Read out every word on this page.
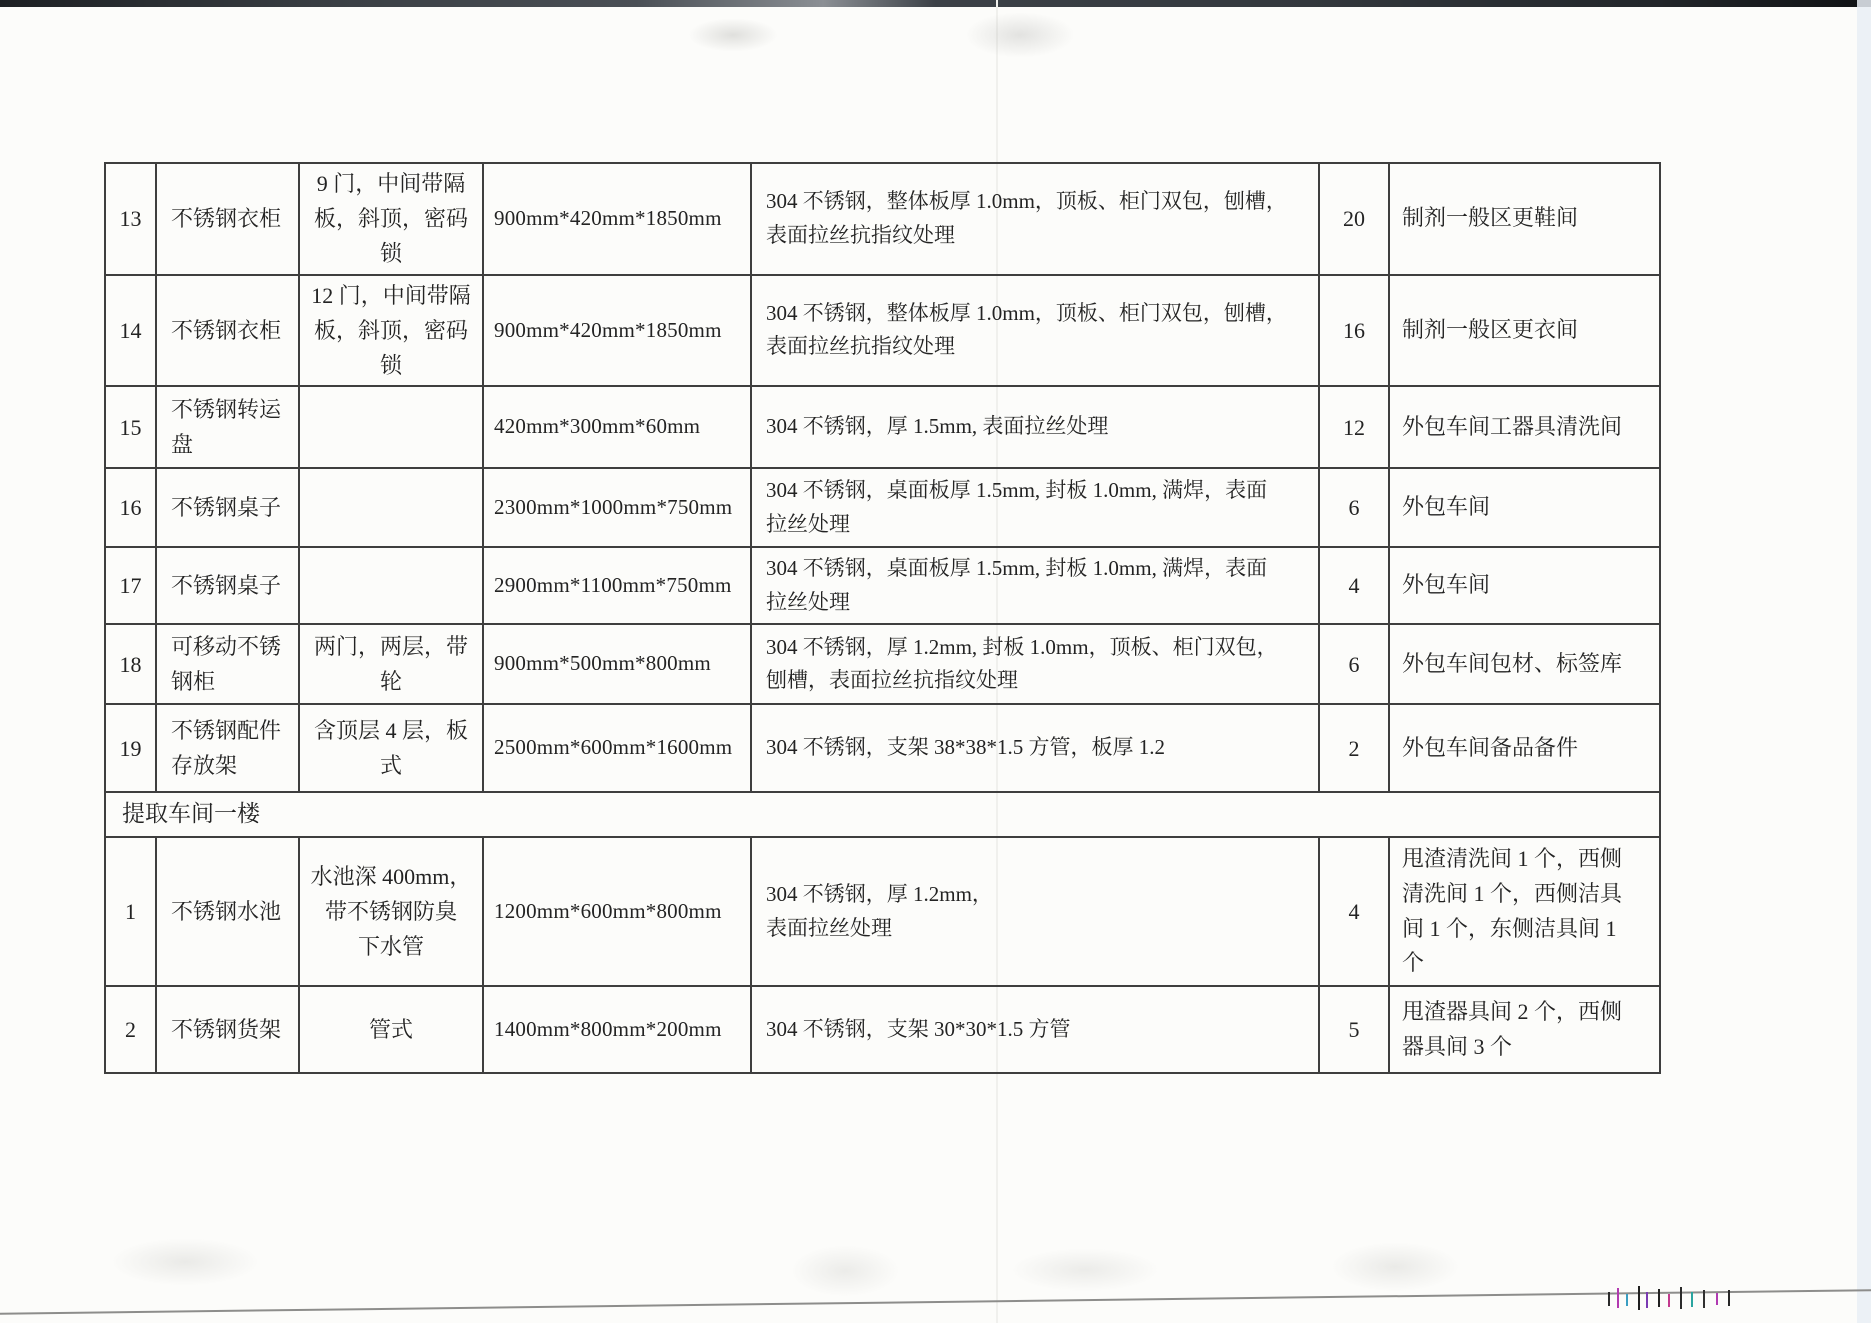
13	不锈钢衣柜	9 门，中间带隔
板，斜顶，密码
锁	900mm*420mm*1850mm	304 不锈钢，整体板厚 1.0mm，顶板、柜门双包，刨槽，
表面拉丝抗指纹处理	20	制剂一般区更鞋间
14	不锈钢衣柜	12 门，中间带隔
板，斜顶，密码
锁	900mm*420mm*1850mm	304 不锈钢，整体板厚 1.0mm，顶板、柜门双包，刨槽，
表面拉丝抗指纹处理	16	制剂一般区更衣间
15	不锈钢转运
盘		420mm*300mm*60mm	304 不锈钢，厚 1.5mm, 表面拉丝处理	12	外包车间工器具清洗间
16	不锈钢桌子		2300mm*1000mm*750mm	304 不锈钢，桌面板厚 1.5mm, 封板 1.0mm, 满焊，表面
拉丝处理	6	外包车间
17	不锈钢桌子		2900mm*1100mm*750mm	304 不锈钢，桌面板厚 1.5mm, 封板 1.0mm, 满焊，表面
拉丝处理	4	外包车间
18	可移动不锈
钢柜	两门，两层，带
轮	900mm*500mm*800mm	304 不锈钢，厚 1.2mm, 封板 1.0mm，顶板、柜门双包，
刨槽，表面拉丝抗指纹处理	6	外包车间包材、标签库
19	不锈钢配件
存放架	含顶层 4 层，板
式	2500mm*600mm*1600mm	304 不锈钢，支架 38*38*1.5 方管，板厚 1.2	2	外包车间备品备件
提取车间一楼						
1	不锈钢水池	水池深 400mm，
带不锈钢防臭
下水管	1200mm*600mm*800mm	304 不锈钢，厚 1.2mm，
表面拉丝处理	4	甩渣清洗间 1 个，西侧
清洗间 1 个，西侧洁具
间 1 个，东侧洁具间 1
个
2	不锈钢货架	管式	1400mm*800mm*200mm	304 不锈钢，支架 30*30*1.5 方管	5	甩渣器具间 2 个，西侧
器具间 3 个
